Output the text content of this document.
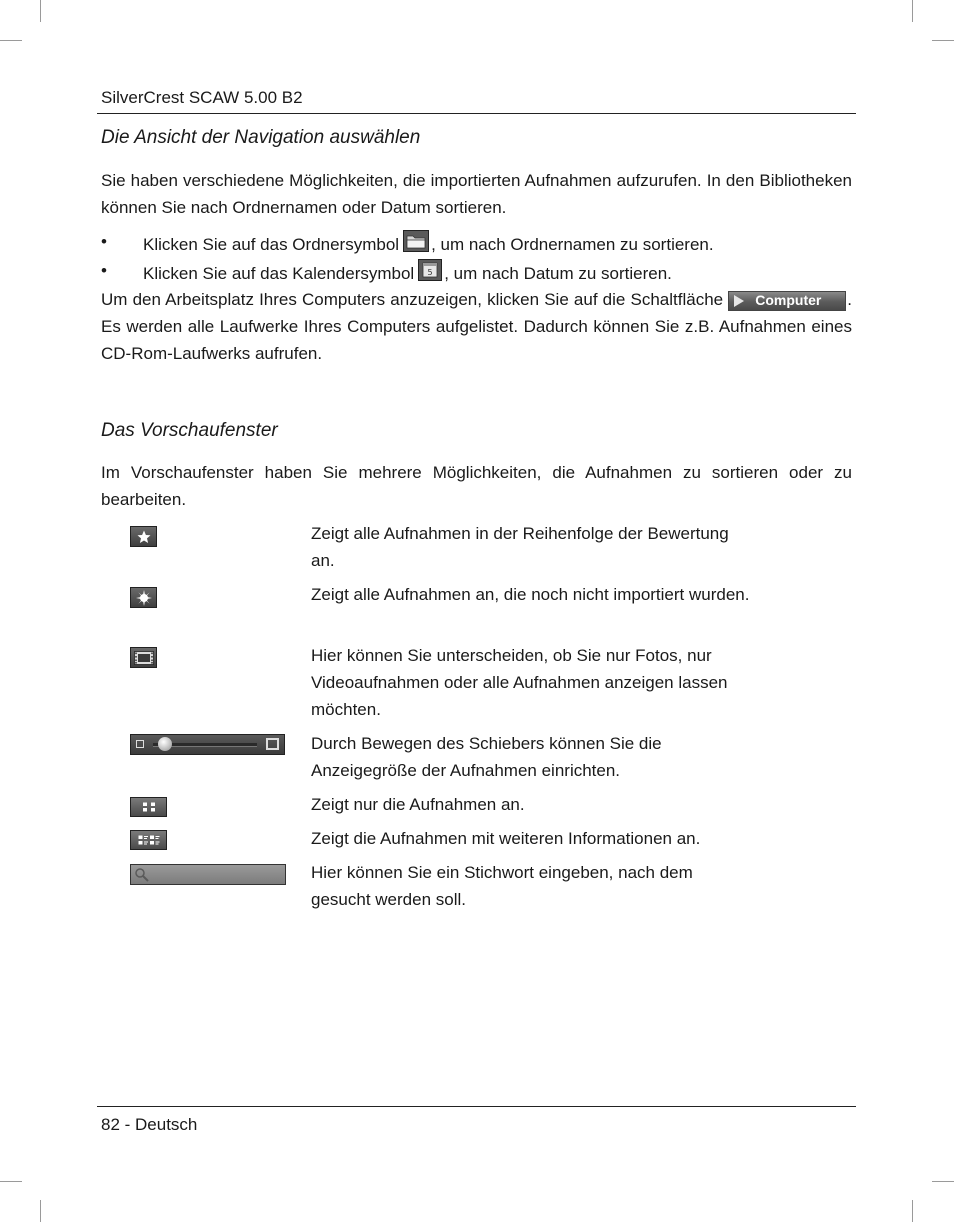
SilverCrest SCAW 5.00 B2
Die Ansicht der Navigation auswählen

Sie haben verschiedene Möglichkeiten, die importierten Aufnahmen aufzurufen. In den Bibliotheken können Sie nach Ordnernamen oder Datum sortieren.

• Klicken Sie auf das Ordnersymbol , um nach Ordnernamen zu sortieren.
• Klicken Sie auf das Kalendersymbol 5 , um nach Datum zu sortieren.

Um den Arbeitsplatz Ihres Computers anzuzeigen, klicken Sie auf die Schaltfläche Computer . Es werden alle Laufwerke Ihres Computers aufgelistet. Dadurch können Sie z.B. Aufnahmen eines CD-Rom-Laufwerks aufrufen.

Das Vorschaufenster

Im Vorschaufenster haben Sie mehrere Möglichkeiten, die Aufnahmen zu sortieren oder zu bearbeiten.

Zeigt alle Aufnahmen in der Reihenfolge der Bewertung an.

Zeigt alle Aufnahmen an, die noch nicht importiert wurden.

Hier können Sie unterscheiden, ob Sie nur Fotos, nur Videoaufnahmen oder alle Aufnahmen anzeigen lassen möchten.

Durch Bewegen des Schiebers können Sie die Anzeigegröße der Aufnahmen einrichten.

Zeigt nur die Aufnahmen an.

Zeigt die Aufnahmen mit weiteren Informationen an.

Hier können Sie ein Stichwort eingeben, nach dem gesucht werden soll.

82 - Deutsch
